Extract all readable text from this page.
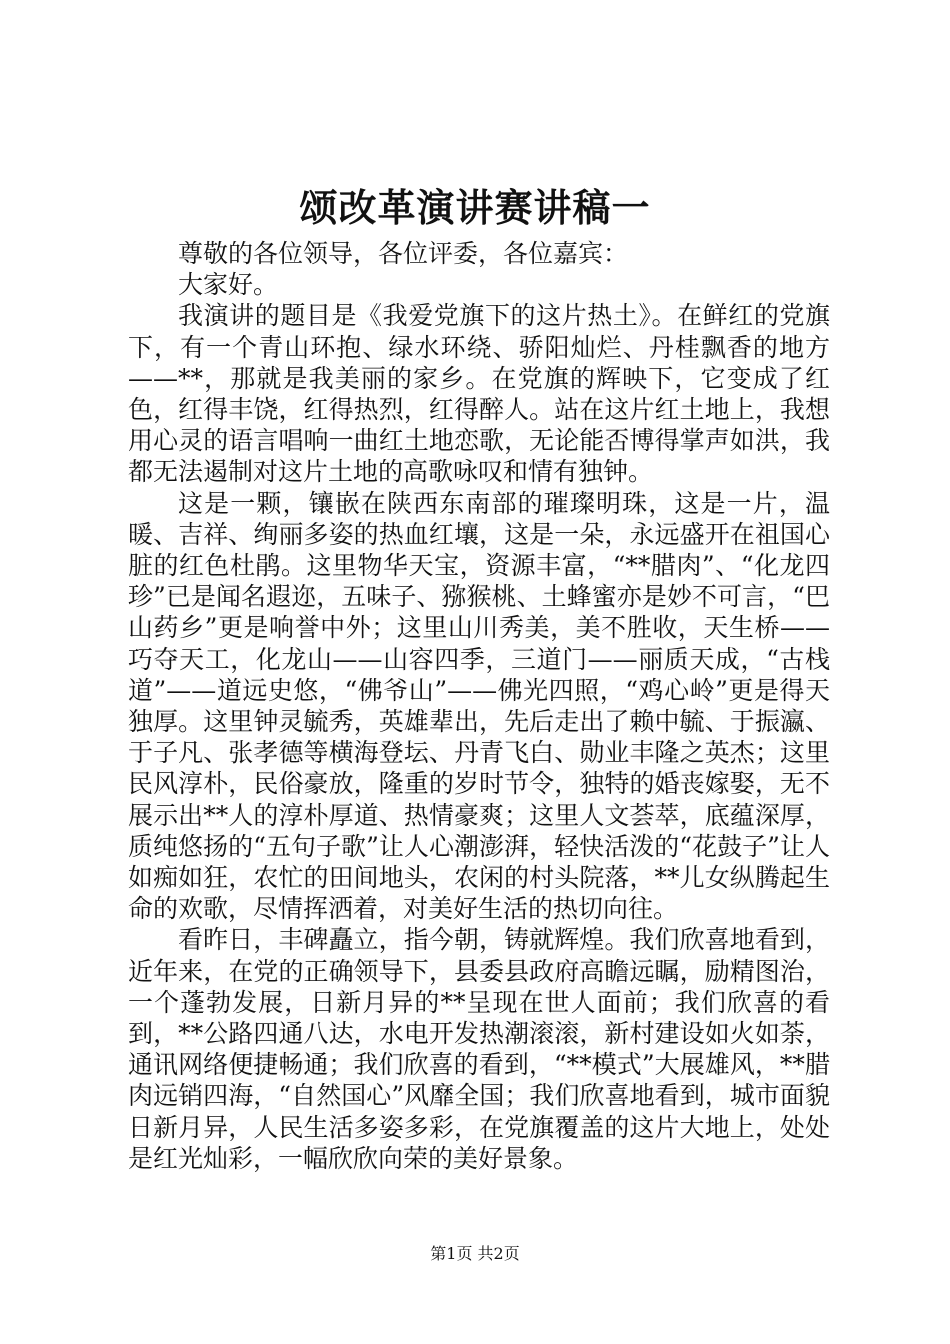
颂改革演讲赛讲稿一

尊敬的各位领导，各位评委，各位嘉宾：

大家好。

我演讲的题目是《我爱党旗下的这片热土》。在鲜红的党旗下，有一个青山环抱、绿水环绕、骄阳灿烂、丹桂飘香的地方——**，那就是我美丽的家乡。在党旗的辉映下，它变成了红色，红得丰饶，红得热烈，红得醉人。站在这片红土地上，我想用心灵的语言唱响一曲红土地恋歌，无论能否博得掌声如洪，我都无法遏制对这片土地的高歌咏叹和情有独钟。

这是一颗，镶嵌在陕西东南部的璀璨明珠，这是一片，温暖、吉祥、绚丽多姿的热血红壤，这是一朵，永远盛开在祖国心脏的红色杜鹃。这里物华天宝，资源丰富，“**腊肉”、“化龙四珍”已是闻名遐迩，五味子、猕猴桃、土蜂蜜亦是妙不可言，“巴山药乡”更是响誉中外；这里山川秀美，美不胜收，天生桥——巧夺天工，化龙山——山容四季，三道门——丽质天成，“古栈道”——道远史悠，“佛爷山”——佛光四照，“鸡心岭”更是得天独厚。这里钟灵毓秀，英雄辈出，先后走出了赖中毓、于振瀛、于子凡、张孝德等横海登坛、丹青飞白、勋业丰隆之英杰；这里民风淳朴，民俗豪放，隆重的岁时节令，独特的婚丧嫁娶，无不展示出**人的淳朴厚道、热情豪爽；这里人文荟萃，底蕴深厚，质纯悠扬的“五句子歌”让人心潮澎湃，轻快活泼的“花鼓子”让人如痴如狂，农忙的田间地头，农闲的村头院落，**儿女纵腾起生命的欢歌，尽情挥洒着，对美好生活的热切向往。

看昨日，丰碑矗立，指今朝，铸就辉煌。我们欣喜地看到，近年来，在党的正确领导下，县委县政府高瞻远瞩，励精图治，一个蓬勃发展，日新月异的**呈现在世人面前；我们欣喜的看到，**公路四通八达，水电开发热潮滚滚，新村建设如火如荼，通讯网络便捷畅通；我们欣喜的看到，“**模式”大展雄风，**腊肉远销四海，“自然国心”风靡全国；我们欣喜地看到，城市面貌日新月异，人民生活多姿多彩，在党旗覆盖的这片大地上，处处是红光灿彩，一幅欣欣向荣的美好景象。

第1页 共2页
